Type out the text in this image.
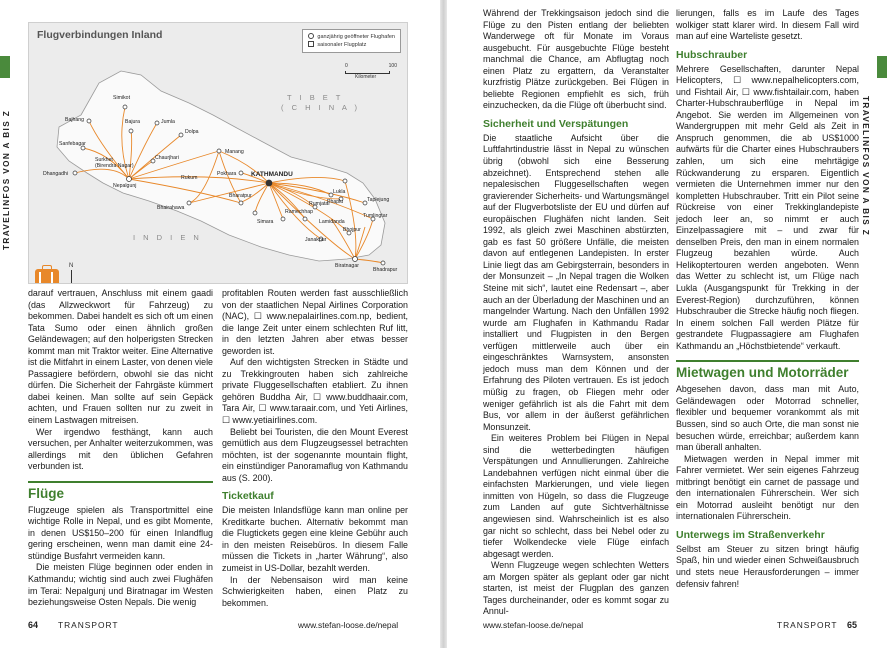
TRAVELINFOS VON A BIS Z
Flugverbindungen Inland	ganzjährig geöffneter Flughafen
saisonaler Flugplatz
0	100
Kilometer
T I B E T
( C H I N A )
I N D I E N
Simikot
Bajhang	Bajura
Sanfebagar
Jumla
Dolpa
Surkhet
(Birendra Nagar)
Chaurjhari
Dhangadhi
Rukum
Manang
Nepalgunj
Pokhara KATHMANDU
Lukla
Phaplu	Taplejung
Rumjatar
Lamidanda
Tumlingtar
Bhairahawa
Bharatpur
Simara
Ramechhap
Bhojpur
Janakpur
Biratnagar
Bhadrapur
N

darauf vertrauen, Anschluss mit einem gaadi (das Allzweckwort für Fahrzeug) zu bekommen. Dabei handelt es sich oft um einen Tata Sumo oder einen ähnlich großen Geländewagen; auf den holperigsten Strecken kommt man mit Traktor weiter. Eine Alternative ist die Mitfahrt in einem Laster, von denen viele Passagiere befördern, obwohl sie das nicht dürfen. Die Sicherheit der Fahrgäste kümmert dabei keinen. Man sollte auf sein Gepäck achten, und Frauen sollten nur zu zweit in einem Lastwagen mitreisen.

Wer irgendwo festhängt, kann auch versuchen, per Anhalter weiterzukommen, was allerdings mit den üblichen Gefahren verbunden ist.

Flüge

Flugzeuge spielen als Transportmittel eine wichtige Rolle in Nepal, und es gibt Momente, in denen US$150–200 für einen Inlandflug gering erscheinen, wenn man damit eine 24-stündige Busfahrt vermeiden kann.

Die meisten Flüge beginnen oder enden in Kathmandu; wichtig sind auch zwei Flughäfen im Terai: Nepalgunj und Biratnagar im Westen beziehungsweise Osten Nepals. Die wenig

profitablen Routen werden fast ausschließlich von der staatlichen Nepal Airlines Corporation (NAC), ☐ www.nepalairlines.com.np, bedient, die lange Zeit unter einem schlechten Ruf litt, in den letzten Jahren aber etwas besser geworden ist.

Auf den wichtigsten Strecken in Städte und zu Trekkingrouten haben sich zahlreiche private Fluggesellschaften etabliert. Zu ihnen gehören Buddha Air, ☐ www.buddhaair.com, Tara Air, ☐ www.taraair.com, und Yeti Airlines, ☐ www.yetiairlines.com.

Beliebt bei Touristen, die den Mount Everest gemütlich aus dem Flugzeugsessel betrachten möchten, ist der sogenannte mountain flight, ein einstündiger Panoramaflug von Kathmandu aus (S. 200).

Ticketkauf

Die meisten Inlandsflüge kann man online per Kreditkarte buchen. Alternativ bekommt man die Flugtickets gegen eine kleine Gebühr auch in den meisten Reisebüros. In diesem Falle müssen die Tickets in „harter Währung“, also zumeist in US-Dollar, bezahlt werden.

In der Nebensaison wird man keine Schwierigkeiten haben, einen Platz zu bekommen.

64 TRANSPORT	www.stefan-loose.de/nepal

Während der Trekkingsaison jedoch sind die Flüge zu den Pisten entlang der beliebten Wanderwege oft für Monate im Voraus ausgebucht. Für ausgebuchte Flüge besteht manchmal die Chance, am Abflugtag noch einen Platz zu ergattern, da Veranstalter kurzfristig Plätze zurückgeben. Bei Flügen in beliebte Regionen empfiehlt es sich, früh einzuchecken, da die Flüge oft überbucht sind.

Sicherheit und Verspätungen

Die staatliche Aufsicht über die Luftfahrtindustrie lässt in Nepal zu wünschen übrig (obwohl sich eine Besserung abzeichnet). Entsprechend stehen alle nepalesischen Fluggesellschaften wegen gravierender Sicherheits- und Wartungsmängel auf der Flugverbotsliste der EU und dürfen auf europäischen Flughäfen nicht landen. Seit 1992, als gleich zwei Maschinen abstürzten, gab es fast 50 größere Unfälle, die meisten davon auf entlegenen Landepisten. In erster Linie liegt das am Gebirgsterrain, besonders in der Monsunzeit – „In Nepal tragen die Wolken Steine mit sich“, lautet eine Redensart –, aber auch an der Überladung der Maschinen und an mangelnder Wartung. Nach den Unfällen 1992 wurde am Flughafen in Kathmandu Radar installiert und Flugpisten in den Bergen verfügen mittlerweile auch über ein eingeschränktes Warnsystem, ansonsten jedoch muss man dem Können und der Erfahrung des Piloten vertrauen. Es ist jedoch müßig zu fragen, ob Fliegen mehr oder weniger gefährlich ist als die Fahrt mit dem Bus, vor allem in der äußerst gefährlichen Monsunzeit.

Ein weiteres Problem bei Flügen in Nepal sind die wetterbedingten häufigen Verspätungen und Annullierungen. Zahlreiche Landebahnen verfügen nicht einmal über die einfachsten Markierungen, und viele liegen inmitten von Hügeln, so dass die Flugzeuge zum Landen auf gute Sichtverhältnisse angewiesen sind. Wahrscheinlich ist es also gar nicht so schlecht, dass bei Nebel oder zu tiefer Wolkendecke viele Flüge einfach abgesagt werden.

Wenn Flugzeuge wegen schlechten Wetters am Morgen später als geplant oder gar nicht starten, ist meist der Flugplan des ganzen Tages durcheinander, oder es kommt sogar zu Annul-

lierungen, falls es im Laufe des Tages wolkiger statt klarer wird. In diesem Fall wird man auf eine Warteliste gesetzt.

Hubschrauber

Mehrere Gesellschaften, darunter Nepal Helicopters, ☐ www.nepalhelicopters.com, und Fishtail Air, ☐ www.fishtailair.com, haben Charter-Hubschrauberflüge in Nepal im Angebot. Sie werden im Allgemeinen von Wandergruppen mit mehr Geld als Zeit in Anspruch genommen, die ab US$1000 aufwärts für die Charter eines Hubschraubers zahlen, um sich eine mehrtägige Rückwanderung zu ersparen. Eigentlich vermieten die Unternehmen immer nur den kompletten Hubschrauber. Tritt ein Pilot seine Rückreise von einer Trekkinglandepiste jedoch leer an, so nimmt er auch Einzelpassagiere mit – und zwar für denselben Preis, den man in einem normalen Flugzeug bezahlen würde. Auch Helikoptertouren werden angeboten. Wenn das Wetter zu schlecht ist, um Flüge nach Lukla (Ausgangspunkt für Trekking in der Everest-Region) durchzuführen, können Hubschrauber die Strecke häufig noch fliegen. In einem solchen Fall werden Plätze für gestrandete Flugpassagiere am Flughafen Kathmandu an „Höchstbietende“ verkauft.

Mietwagen und Motorräder

Abgesehen davon, dass man mit Auto, Geländewagen oder Motorrad schneller, flexibler und bequemer vorankommt als mit Bussen, sind so auch Orte, die man sonst nie besuchen würde, erreichbar; außerdem kann man überall anhalten.

Mietwagen werden in Nepal immer mit Fahrer vermietet. Wer sein eigenes Fahrzeug mitbringt benötigt ein carnet de passage und den internationalen Führerschein. Wer sich ein Motorrad ausleiht benötigt nur den internationalen Führerschein.

Unterwegs im Straßenverkehr

Selbst am Steuer zu sitzen bringt häufig Spaß, hin und wieder einen Schweißausbruch und stets neue Herausforderungen – immer defensiv fahren!

www.stefan-loose.de/nepal	TRANSPORT 65
TRAVELINFOS VON A BIS Z
